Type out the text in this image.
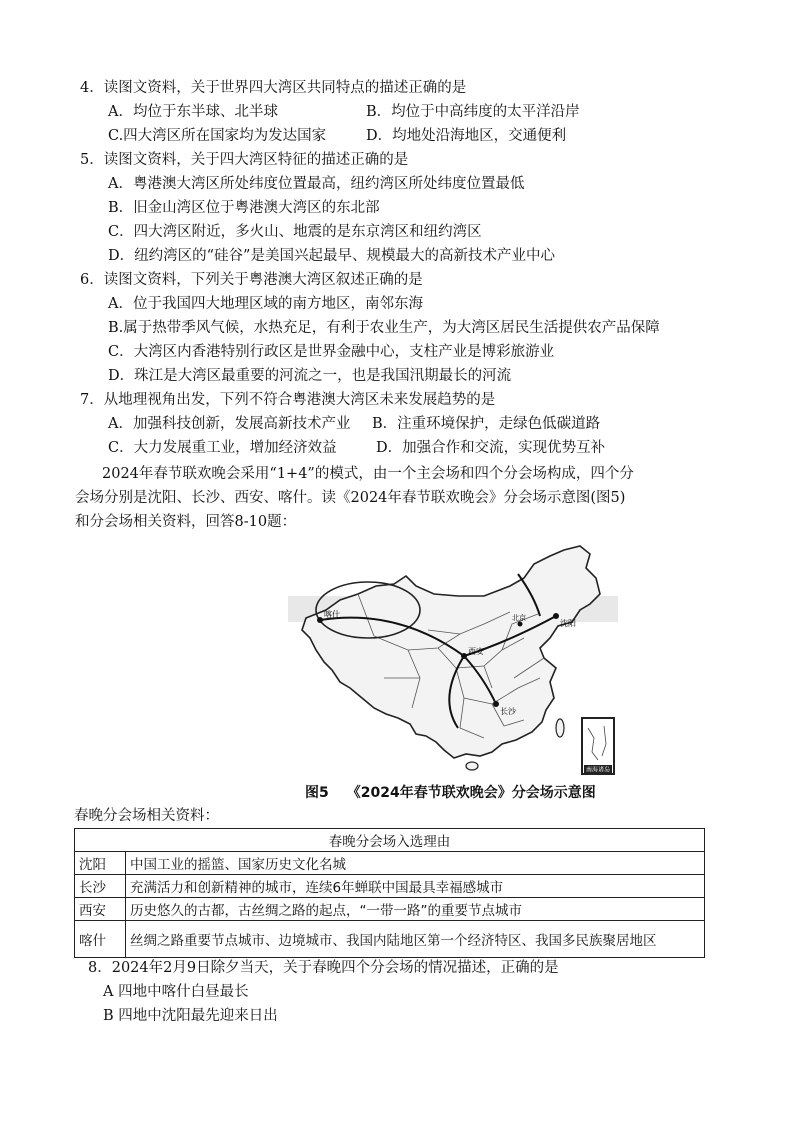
4．读图文资料，关于世界四大湾区共同特点的描述正确的是
A．均位于东半球、北半球	B．均位于中高纬度的太平洋沿岸
C.四大湾区所在国家均为发达国家	D．均地处沿海地区，交通便利
5．读图文资料，关于四大湾区特征的描述正确的是
A．粤港澳大湾区所处纬度位置最高，纽约湾区所处纬度位置最低
B．旧金山湾区位于粤港澳大湾区的东北部
C．四大湾区附近，多火山、地震的是东京湾区和纽约湾区
D．纽约湾区的“硅谷”是美国兴起最早、规模最大的高新技术产业中心
6．读图文资料，下列关于粤港澳大湾区叙述正确的是
A．位于我国四大地理区域的南方地区，南邻东海
B.属于热带季风气候，水热充足，有利于农业生产，为大湾区居民生活提供农产品保障
C．大湾区内香港特别行政区是世界金融中心，支柱产业是博彩旅游业
D．珠江是大湾区最重要的河流之一，也是我国汛期最长的河流
7．从地理视角出发，下列不符合粤港澳大湾区未来发展趋势的是
A．加强科技创新，发展高新技术产业 B．注重环境保护，走绿色低碳道路
C．大力发展重工业，增加经济效益	D．加强合作和交流，实现优势互补
2024年春节联欢晚会采用“1+4”的模式，由一个主会场和四个分会场构成，四个分
会场分别是沈阳、长沙、西安、喀什。读《2024年春节联欢晚会》分会场示意图(图5)
和分会场相关资料，回答8-10题：
喀什
西安
长沙
沈阳
北京
南海诸岛
图5 《2024年春节联欢晚会》分会场示意图
春晚分会场相关资料：
春晚分会场入选理由	
沈阳	中国工业的摇篮、国家历史文化名城
长沙	充满活力和创新精神的城市，连续6年蝉联中国最具幸福感城市
西安	历史悠久的古都，古丝绸之路的起点，“一带一路”的重要节点城市
喀什	丝绸之路重要节点城市、边境城市、我国内陆地区第一个经济特区、我国多民族聚居地区
8．2024年2月9日除夕当天，关于春晚四个分会场的情况描述，正确的是
A 四地中喀什白昼最长
B 四地中沈阳最先迎来日出
